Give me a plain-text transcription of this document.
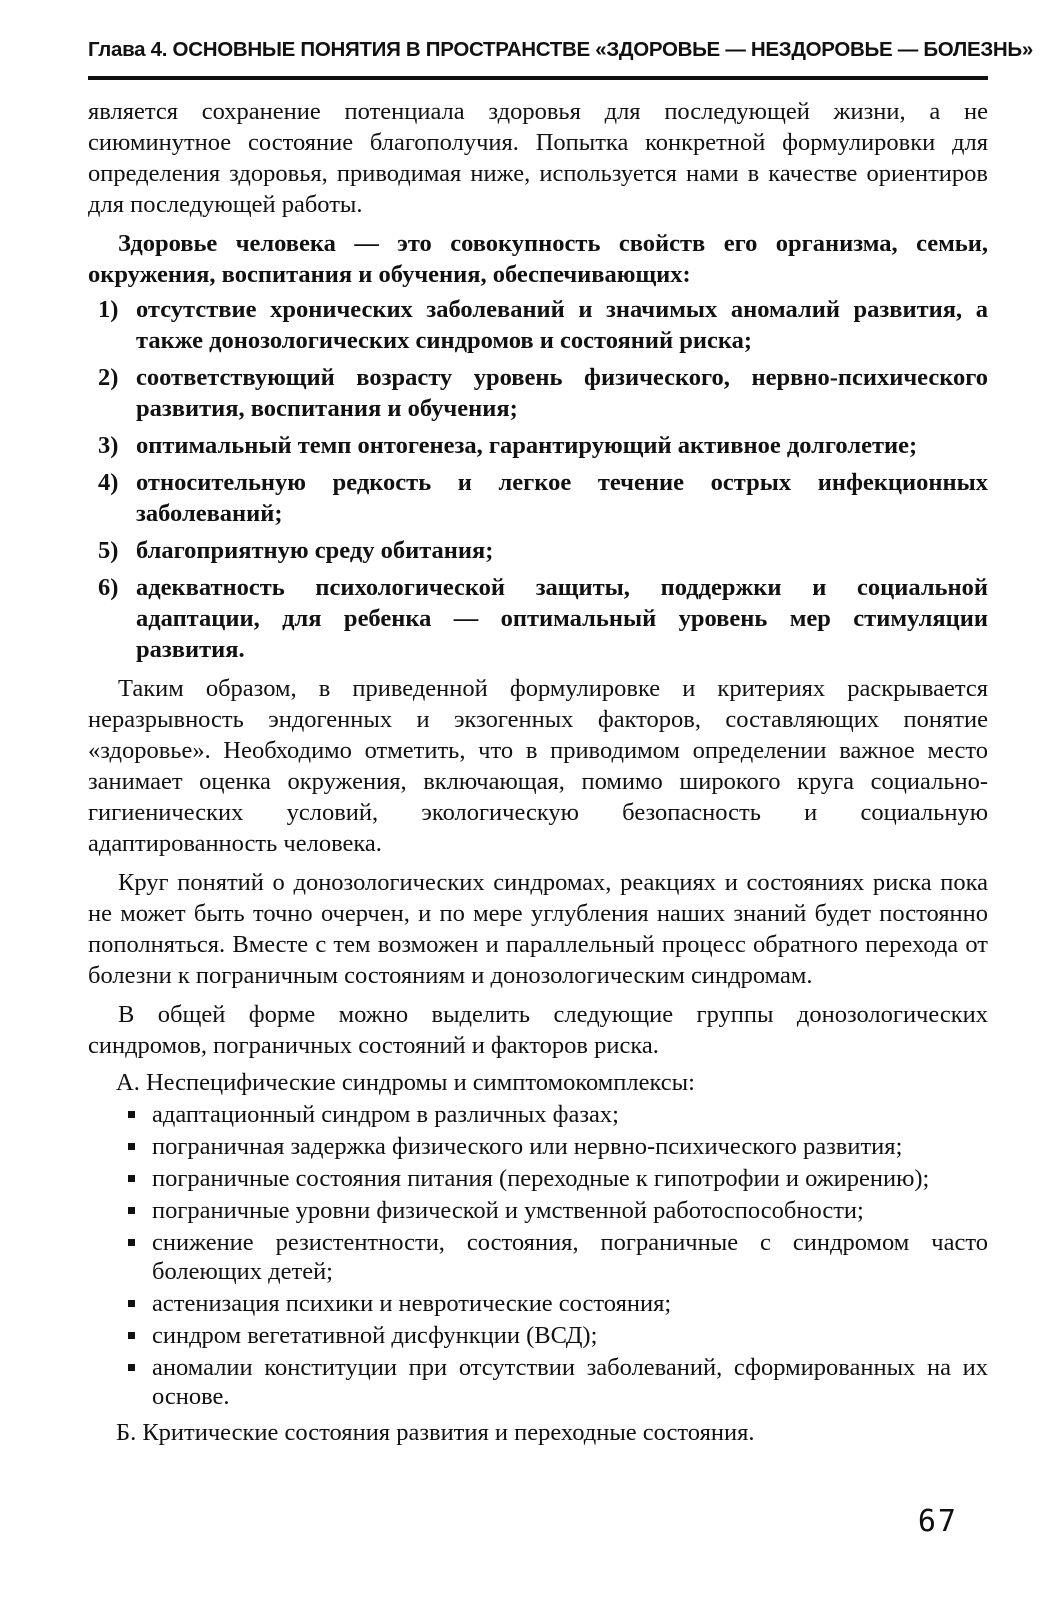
Глава 4. ОСНОВНЫЕ ПОНЯТИЯ В ПРОСТРАНСТВЕ «ЗДОРОВЬЕ — НЕЗДОРОВЬЕ — БОЛЕЗНЬ»

является сохранение потенциала здоровья для последующей жизни, а не сиюминутное состояние благополучия. Попытка конкретной формулировки для определения здоровья, приводимая ниже, используется нами в качестве ориентиров для последующей работы.

Здоровье человека — это совокупность свойств его организма, семьи, окружения, воспитания и обучения, обеспечивающих:

1) отсутствие хронических заболеваний и значимых аномалий развития, а также донозологических синдромов и состояний риска;
2) соответствующий возрасту уровень физического, нервно-психического развития, воспитания и обучения;
3) оптимальный темп онтогенеза, гарантирующий активное долголетие;
4) относительную редкость и легкое течение острых инфекционных заболеваний;
5) благоприятную среду обитания;
6) адекватность психологической защиты, поддержки и социальной адаптации, для ребенка — оптимальный уровень мер стимуляции развития.

Таким образом, в приведенной формулировке и критериях раскрывается неразрывность эндогенных и экзогенных факторов, составляющих понятие «здоровье». Необходимо отметить, что в приводимом определении важное место занимает оценка окружения, включающая, помимо широкого круга социально-гигиенических условий, экологическую безопасность и социальную адаптированность человека.

Круг понятий о донозологических синдромах, реакциях и состояниях риска пока не может быть точно очерчен, и по мере углубления наших знаний будет постоянно пополняться. Вместе с тем возможен и параллельный процесс обратного перехода от болезни к пограничным состояниям и донозологическим синдромам.

В общей форме можно выделить следующие группы донозологических синдромов, пограничных состояний и факторов риска.

А. Неспецифические синдромы и симптомокомплексы:

адаптационный синдром в различных фазах;
пограничная задержка физического или нервно-психического развития;
пограничные состояния питания (переходные к гипотрофии и ожирению);
пограничные уровни физической и умственной работоспособности;
снижение резистентности, состояния, пограничные с синдромом часто болеющих детей;
астенизация психики и невротические состояния;
синдром вегетативной дисфункции (ВСД);
аномалии конституции при отсутствии заболеваний, сформированных на их основе.

Б. Критические состояния развития и переходные состояния.

67
